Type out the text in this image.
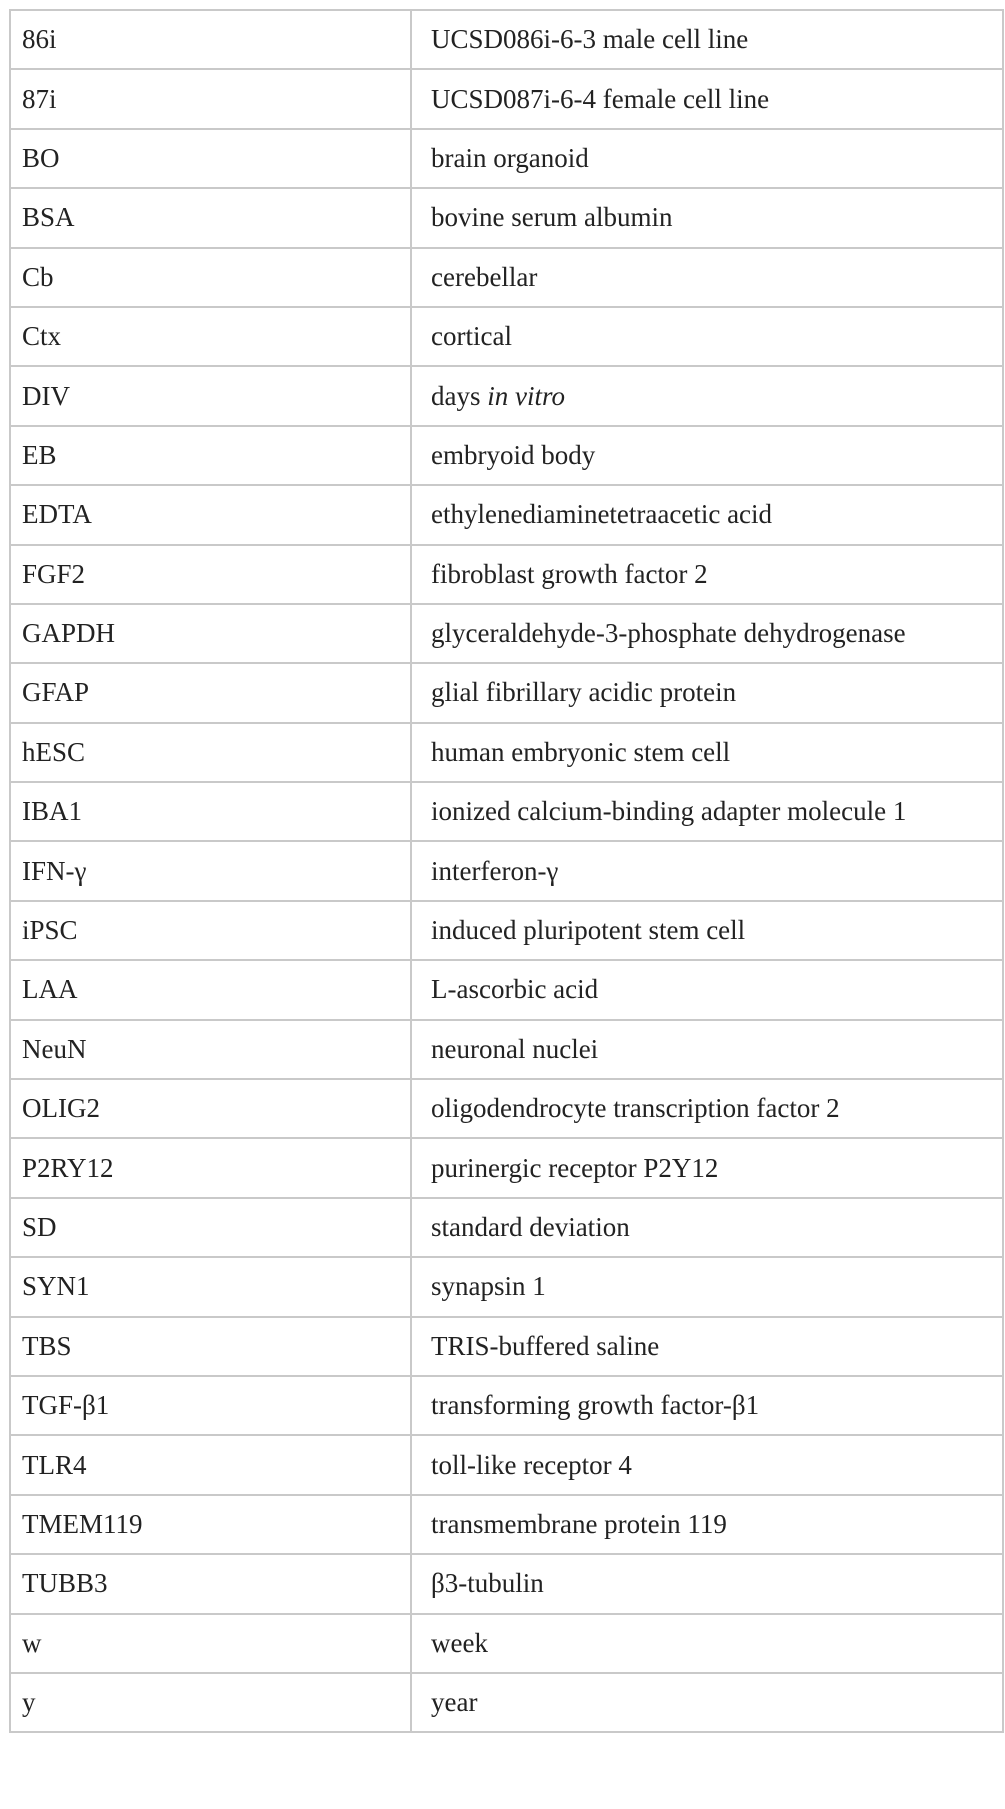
86i	UCSD086i-6-3 male cell line
87i	UCSD087i-6-4 female cell line
BO	brain organoid
BSA	bovine serum albumin
Cb	cerebellar
Ctx	cortical
DIV	days in vitro
EB	embryoid body
EDTA	ethylenediaminetetraacetic acid
FGF2	fibroblast growth factor 2
GAPDH	glyceraldehyde-3-phosphate dehydrogenase
GFAP	glial fibrillary acidic protein
hESC	human embryonic stem cell
IBA1	ionized calcium-binding adapter molecule 1
IFN-γ	interferon-γ
iPSC	induced pluripotent stem cell
LAA	L-ascorbic acid
NeuN	neuronal nuclei
OLIG2	oligodendrocyte transcription factor 2
P2RY12	purinergic receptor P2Y12
SD	standard deviation
SYN1	synapsin 1
TBS	TRIS-buffered saline
TGF-β1	transforming growth factor-β1
TLR4	toll-like receptor 4
TMEM119	transmembrane protein 119
TUBB3	β3-tubulin
w	week
y	year
